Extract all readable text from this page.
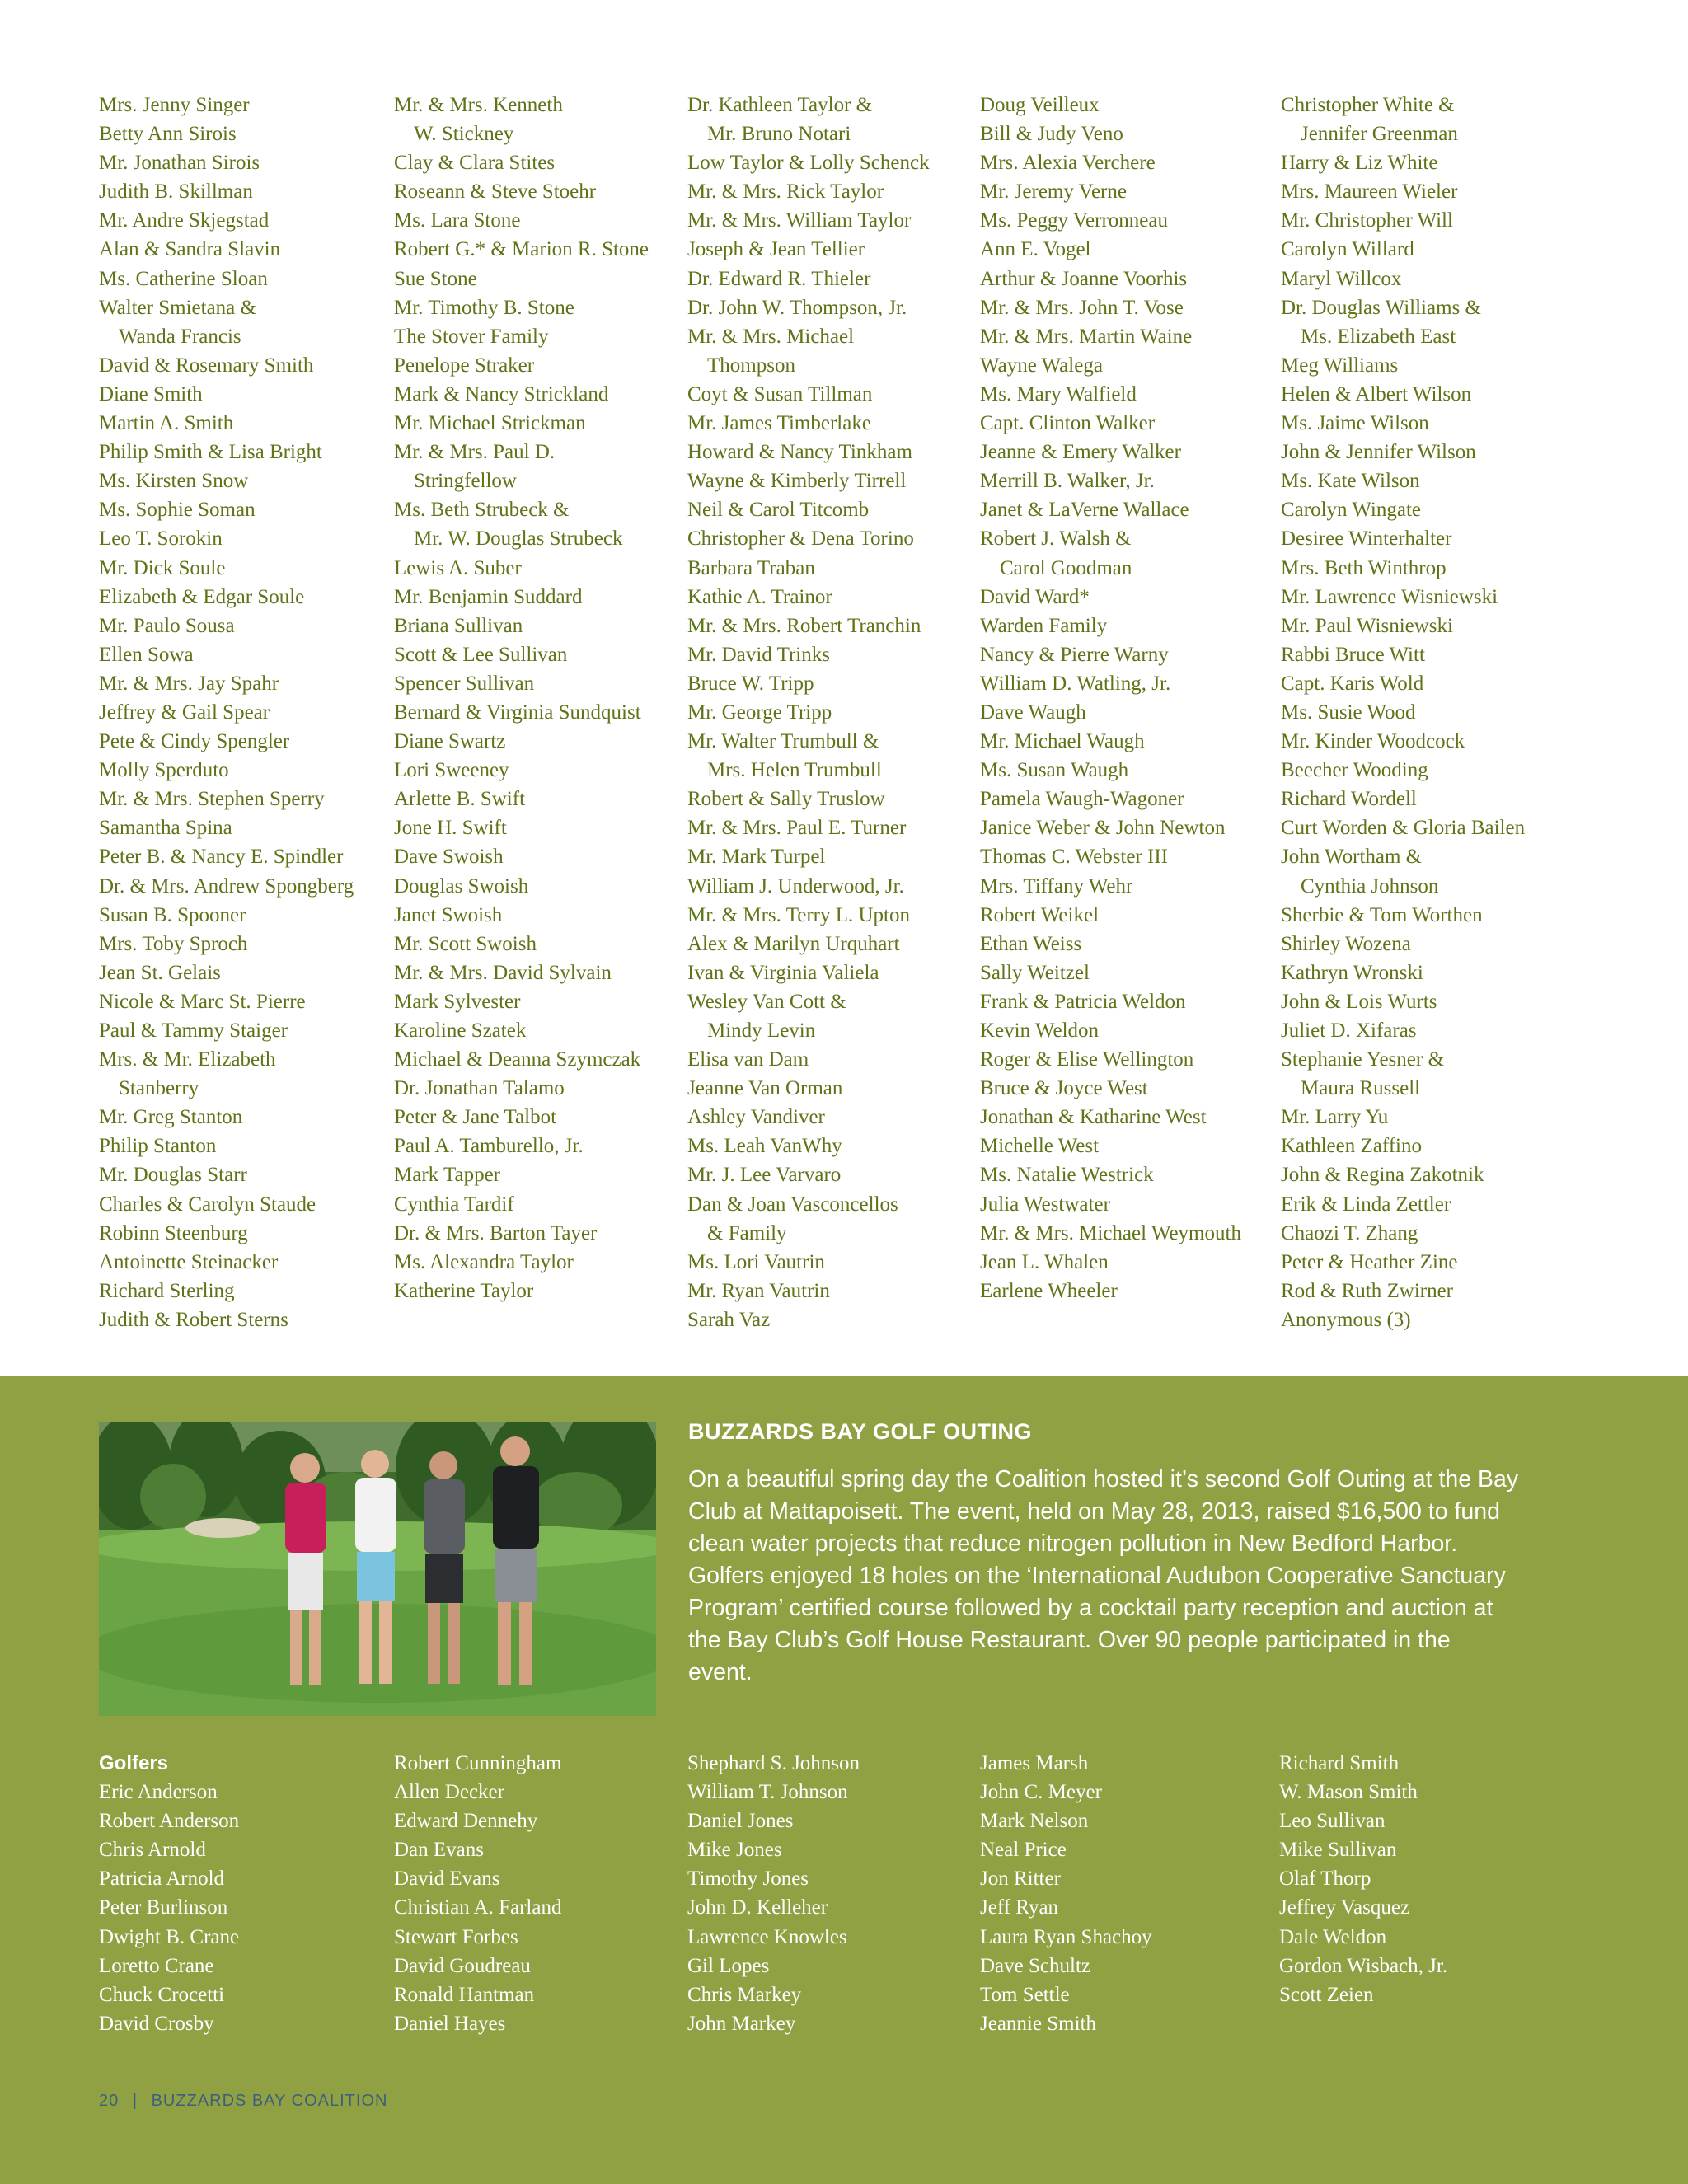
Mrs. Jenny Singer
Betty Ann Sirois
Mr. Jonathan Sirois
Judith B. Skillman
Mr. Andre Skjegstad
Alan & Sandra Slavin
Ms. Catherine Sloan
Walter Smietana &
Wanda Francis
David & Rosemary Smith
Diane Smith
Martin A. Smith
Philip Smith & Lisa Bright
Ms. Kirsten Snow
Ms. Sophie Soman
Leo T. Sorokin
Mr. Dick Soule
Elizabeth & Edgar Soule
Mr. Paulo Sousa
Ellen Sowa
Mr. & Mrs. Jay Spahr
Jeffrey & Gail Spear
Pete & Cindy Spengler
Molly Sperduto
Mr. & Mrs. Stephen Sperry
Samantha Spina
Peter B. & Nancy E. Spindler
Dr. & Mrs. Andrew Spongberg
Susan B. Spooner
Mrs. Toby Sproch
Jean St. Gelais
Nicole & Marc St. Pierre
Paul & Tammy Staiger
Mrs. & Mr. Elizabeth
Stanberry
Mr. Greg Stanton
Philip Stanton
Mr. Douglas Starr
Charles & Carolyn Staude
Robinn Steenburg
Antoinette Steinacker
Richard Sterling
Judith & Robert Sterns
Mr. & Mrs. Kenneth
W. Stickney
Clay & Clara Stites
Roseann & Steve Stoehr
Ms. Lara Stone
Robert G.* & Marion R. Stone
Sue Stone
Mr. Timothy B. Stone
The Stover Family
Penelope Straker
Mark & Nancy Strickland
Mr. Michael Strickman
Mr. & Mrs. Paul D.
Stringfellow
Ms. Beth Strubeck &
Mr. W. Douglas Strubeck
Lewis A. Suber
Mr. Benjamin Suddard
Briana Sullivan
Scott & Lee Sullivan
Spencer Sullivan
Bernard & Virginia Sundquist
Diane Swartz
Lori Sweeney
Arlette B. Swift
Jone H. Swift
Dave Swoish
Douglas Swoish
Janet Swoish
Mr. Scott Swoish
Mr. & Mrs. David Sylvain
Mark Sylvester
Karoline Szatek
Michael & Deanna Szymczak
Dr. Jonathan Talamo
Peter & Jane Talbot
Paul A. Tamburello, Jr.
Mark Tapper
Cynthia Tardif
Dr. & Mrs. Barton Tayer
Ms. Alexandra Taylor
Katherine Taylor
Dr. Kathleen Taylor &
Mr. Bruno Notari
Low Taylor & Lolly Schenck
Mr. & Mrs. Rick Taylor
Mr. & Mrs. William Taylor
Joseph & Jean Tellier
Dr. Edward R. Thieler
Dr. John W. Thompson, Jr.
Mr. & Mrs. Michael
Thompson
Coyt & Susan Tillman
Mr. James Timberlake
Howard & Nancy Tinkham
Wayne & Kimberly Tirrell
Neil & Carol Titcomb
Christopher & Dena Torino
Barbara Traban
Kathie A. Trainor
Mr. & Mrs. Robert Tranchin
Mr. David Trinks
Bruce W. Tripp
Mr. George Tripp
Mr. Walter Trumbull &
Mrs. Helen Trumbull
Robert & Sally Truslow
Mr. & Mrs. Paul E. Turner
Mr. Mark Turpel
William J. Underwood, Jr.
Mr. & Mrs. Terry L. Upton
Alex & Marilyn Urquhart
Ivan & Virginia Valiela
Wesley Van Cott &
Mindy Levin
Elisa van Dam
Jeanne Van Orman
Ashley Vandiver
Ms. Leah VanWhy
Mr. J. Lee Varvaro
Dan & Joan Vasconcellos
& Family
Ms. Lori Vautrin
Mr. Ryan Vautrin
Sarah Vaz
Doug Veilleux
Bill & Judy Veno
Mrs. Alexia Verchere
Mr. Jeremy Verne
Ms. Peggy Verronneau
Ann E. Vogel
Arthur & Joanne Voorhis
Mr. & Mrs. John T. Vose
Mr. & Mrs. Martin Waine
Wayne Walega
Ms. Mary Walfield
Capt. Clinton Walker
Jeanne & Emery Walker
Merrill B. Walker, Jr.
Janet & LaVerne Wallace
Robert J. Walsh &
Carol Goodman
David Ward*
Warden Family
Nancy & Pierre Warny
William D. Watling, Jr.
Dave Waugh
Mr. Michael Waugh
Ms. Susan Waugh
Pamela Waugh-Wagoner
Janice Weber & John Newton
Thomas C. Webster III
Mrs. Tiffany Wehr
Robert Weikel
Ethan Weiss
Sally Weitzel
Frank & Patricia Weldon
Kevin Weldon
Roger & Elise Wellington
Bruce & Joyce West
Jonathan & Katharine West
Michelle West
Ms. Natalie Westrick
Julia Westwater
Mr. & Mrs. Michael Weymouth
Jean L. Whalen
Earlene Wheeler
Christopher White &
Jennifer Greenman
Harry & Liz White
Mrs. Maureen Wieler
Mr. Christopher Will
Carolyn Willard
Maryl Willcox
Dr. Douglas Williams &
Ms. Elizabeth East
Meg Williams
Helen & Albert Wilson
Ms. Jaime Wilson
John & Jennifer Wilson
Ms. Kate Wilson
Carolyn Wingate
Desiree Winterhalter
Mrs. Beth Winthrop
Mr. Lawrence Wisniewski
Mr. Paul Wisniewski
Rabbi Bruce Witt
Capt. Karis Wold
Ms. Susie Wood
Mr. Kinder Woodcock
Beecher Wooding
Richard Wordell
Curt Worden & Gloria Bailen
John Wortham &
Cynthia Johnson
Sherbie & Tom Worthen
Shirley Wozena
Kathryn Wronski
John & Lois Wurts
Juliet D. Xifaras
Stephanie Yesner &
Maura Russell
Mr. Larry Yu
Kathleen Zaffino
John & Regina Zakotnik
Erik & Linda Zettler
Chaozi T. Zhang
Peter & Heather Zine
Rod & Ruth Zwirner
Anonymous (3)
BUZZARDS BAY GOLF OUTING

On a beautiful spring day the Coalition hosted it’s second Golf Outing at the Bay Club at Mattapoisett. The event, held on May 28, 2013, raised $16,500 to fund clean water projects that reduce nitrogen pollution in New Bedford Harbor. Golfers enjoyed 18 holes on the ‘International Audubon Cooperative Sanctuary Program’ certified course followed by a cocktail party reception and auction at the Bay Club’s Golf House Restaurant. Over 90 people participated in the event.

Golfers
Eric Anderson
Robert Anderson
Chris Arnold
Patricia Arnold
Peter Burlinson
Dwight B. Crane
Loretto Crane
Chuck Crocetti
David Crosby
Robert Cunningham
Allen Decker
Edward Dennehy
Dan Evans
David Evans
Christian A. Farland
Stewart Forbes
David Goudreau
Ronald Hantman
Daniel Hayes
Shephard S. Johnson
William T. Johnson
Daniel Jones
Mike Jones
Timothy Jones
John D. Kelleher
Lawrence Knowles
Gil Lopes
Chris Markey
John Markey
James Marsh
John C. Meyer
Mark Nelson
Neal Price
Jon Ritter
Jeff Ryan
Laura Ryan Shachoy
Dave Schultz
Tom Settle
Jeannie Smith
Richard Smith
W. Mason Smith
Leo Sullivan
Mike Sullivan
Olaf Thorp
Jeffrey Vasquez
Dale Weldon
Gordon Wisbach, Jr.
Scott Zeien
20 | BUZZARDS BAY COALITION
